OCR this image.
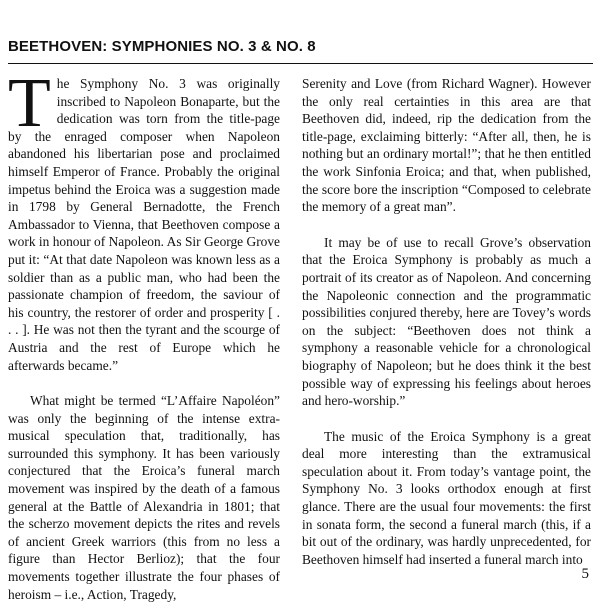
BEETHOVEN: SYMPHONIES NO. 3 & NO. 8

The Symphony No. 3 was originally inscribed to Napoleon Bonaparte, but the dedication was torn from the title-page by the enraged composer when Napoleon abandoned his libertarian pose and proclaimed himself Emperor of France. Probably the original impetus behind the Eroica was a suggestion made in 1798 by General Bernadotte, the French Ambassador to Vienna, that Beethoven compose a work in honour of Napoleon. As Sir George Grove put it: “At that date Napoleon was known less as a soldier than as a public man, who had been the passionate champion of freedom, the saviour of his country, the restorer of order and prosperity [ . . . ]. He was not then the tyrant and the scourge of Austria and the rest of Europe which he afterwards became.”

What might be termed “L’Affaire Napoléon” was only the beginning of the intense extra-musical speculation that, traditionally, has surrounded this symphony. It has been variously conjectured that the Eroica’s funeral march movement was inspired by the death of a famous general at the Battle of Alexandria in 1801; that the scherzo movement depicts the rites and revels of ancient Greek warriors (this from no less a figure than Hector Berlioz); that the four movements together illustrate the four phases of heroism – i.e., Action, Tragedy,

Serenity and Love (from Richard Wagner). However the only real certainties in this area are that Beethoven did, indeed, rip the dedication from the title-page, exclaiming bitterly: “After all, then, he is nothing but an ordinary mortal!”; that he then entitled the work Sinfonia Eroica; and that, when published, the score bore the inscription “Composed to celebrate the memory of a great man”.

It may be of use to recall Grove’s observation that the Eroica Symphony is probably as much a portrait of its creator as of Napoleon. And concerning the Napoleonic connection and the programmatic possibilities conjured thereby, here are Tovey’s words on the subject: “Beethoven does not think a symphony a reasonable vehicle for a chronological biography of Napoleon; but he does think it the best possible way of expressing his feelings about heroes and hero-worship.”

The music of the Eroica Symphony is a great deal more interesting than the extramusical speculation about it. From today’s vantage point, the Symphony No. 3 looks orthodox enough at first glance. There are the usual four movements: the first in sonata form, the second a funeral march (this, if a bit out of the ordinary, was hardly unprecedented, for Beethoven himself had inserted a funeral march into

5
